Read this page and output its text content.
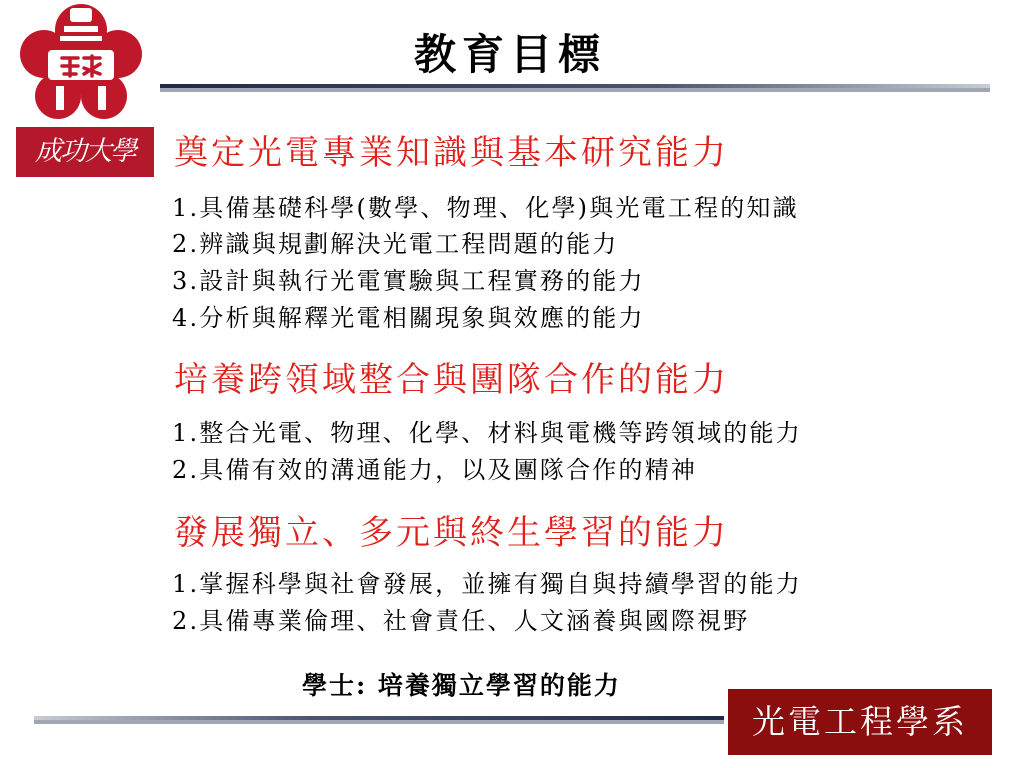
成功大學
教育目標
奠定光電專業知識與基本研究能力
1.具備基礎科學(數學、物理、化學)與光電工程的知識
2.辨識與規劃解決光電工程問題的能力
3.設計與執行光電實驗與工程實務的能力
4.分析與解釋光電相關現象與效應的能力
培養跨領域整合與團隊合作的能力
1.整合光電、物理、化學、材料與電機等跨領域的能力
2.具備有效的溝通能力，以及團隊合作的精神
發展獨立、多元與終生學習的能力
1.掌握科學與社會發展，並擁有獨自與持續學習的能力
2.具備專業倫理、社會責任、人文涵養與國際視野
學士: 培養獨立學習的能力
光電工程學系
